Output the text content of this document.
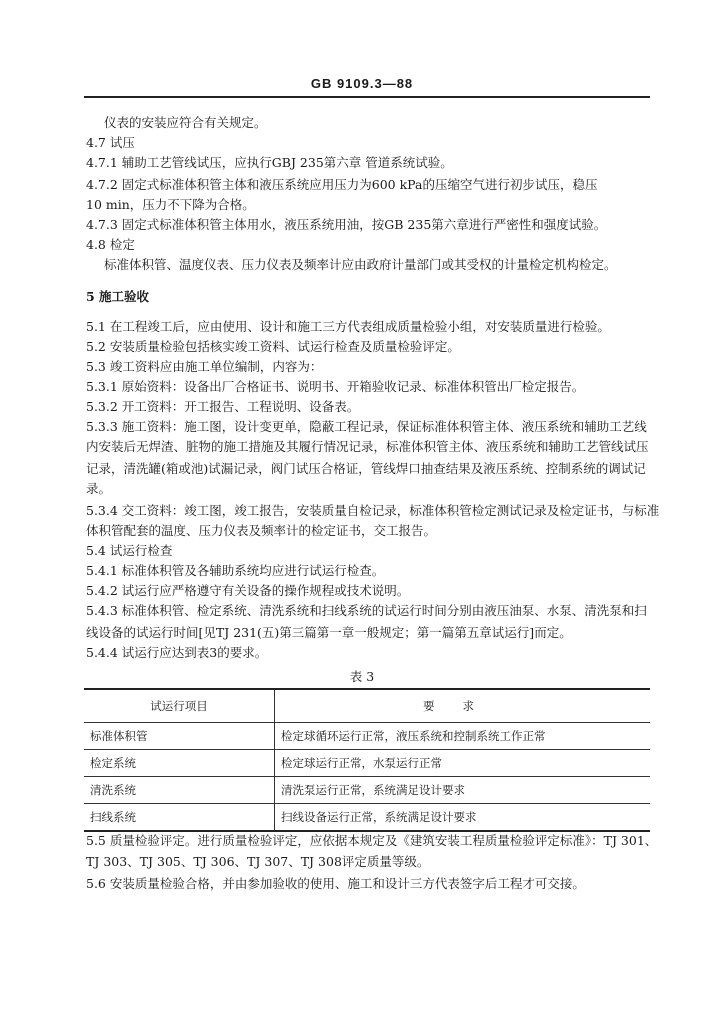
GB 9109.3—88
仪表的安装应符合有关规定。
4.7 试压
4.7.1 辅助工艺管线试压，应执行GBJ 235第六章 管道系统试验。
4.7.2 固定式标准体积管主体和液压系统应用压力为600 kPa的压缩空气进行初步试压，稳压
10 min，压力不下降为合格。
4.7.3 固定式标准体积管主体用水，液压系统用油，按GB 235第六章进行严密性和强度试验。
4.8 检定
标准体积管、温度仪表、压力仪表及频率计应由政府计量部门或其受权的计量检定机构检定。
5 施工验收
5.1 在工程竣工后，应由使用、设计和施工三方代表组成质量检验小组，对安装质量进行检验。
5.2 安装质量检验包括核实竣工资料、试运行检查及质量检验评定。
5.3 竣工资料应由施工单位编制，内容为：
5.3.1 原始资料：设备出厂合格证书、说明书、开箱验收记录、标准体积管出厂检定报告。
5.3.2 开工资料：开工报告、工程说明、设备表。
5.3.3 施工资料：施工图，设计变更单，隐蔽工程记录，保证标准体积管主体、液压系统和辅助工艺线
内安装后无焊渣、脏物的施工措施及其履行情况记录，标准体积管主体、液压系统和辅助工艺管线试压
记录，清洗罐(箱或池)试漏记录，阀门试压合格证，管线焊口抽查结果及液压系统、控制系统的调试记
录。
5.3.4 交工资料：竣工图，竣工报告，安装质量自检记录，标准体积管检定测试记录及检定证书，与标准
体积管配套的温度、压力仪表及频率计的检定证书，交工报告。
5.4 试运行检查
5.4.1 标准体积管及各辅助系统均应进行试运行检查。
5.4.2 试运行应严格遵守有关设备的操作规程或技术说明。
5.4.3 标准体积管、检定系统、清洗系统和扫线系统的试运行时间分别由液压油泵、水泵、清洗泵和扫
线设备的试运行时间[见TJ 231(五)第三篇第一章一般规定；第一篇第五章试运行]而定。
5.4.4 试运行应达到表3的要求。
表 3
试运行项目	要求
标准体积管	检定球循环运行正常，液压系统和控制系统工作正常
检定系统	检定球运行正常，水泵运行正常
清洗系统	清洗泵运行正常，系统满足设计要求
扫线系统	扫线设备运行正常，系统满足设计要求
5.5 质量检验评定。进行质量检验评定，应依据本规定及《建筑安装工程质量检验评定标准》：TJ 301、
TJ 303、TJ 305、TJ 306、TJ 307、TJ 308评定质量等级。
5.6 安装质量检验合格，并由参加验收的使用、施工和设计三方代表签字后工程才可交接。
